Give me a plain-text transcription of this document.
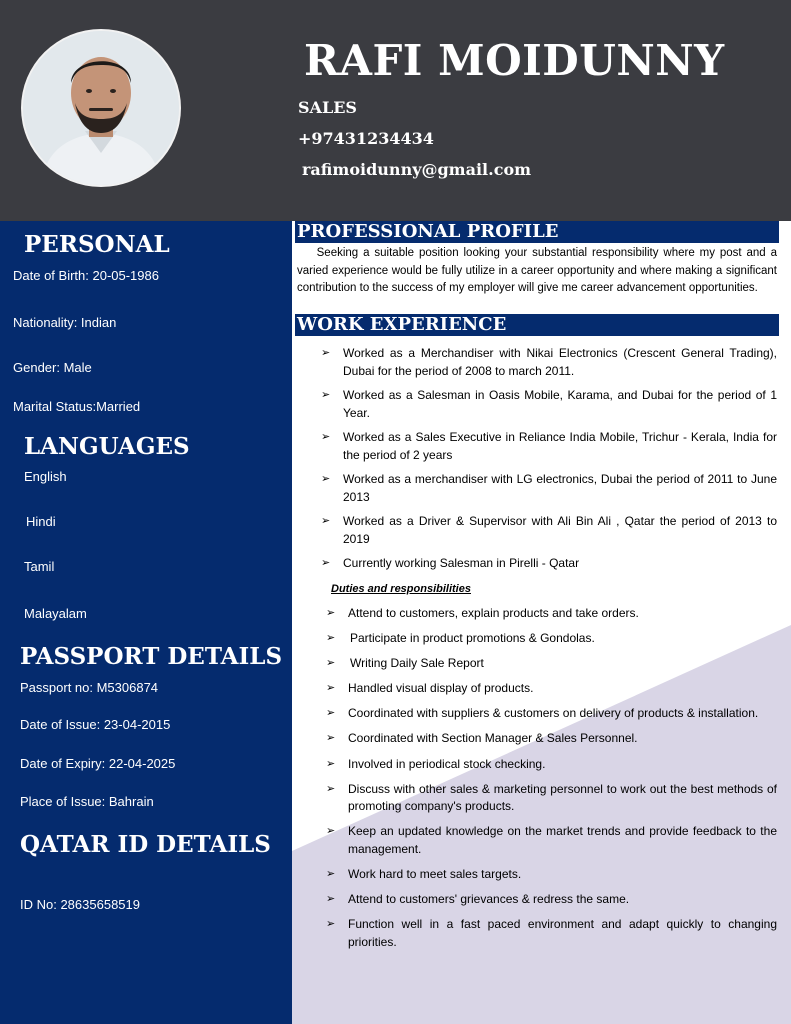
RAFI MOIDUNNY
SALES
+97431234434
rafimoidunny@gmail.com
PERSONAL
Date of Birth: 20-05-1986
Nationality: Indian
Gender: Male
Marital Status:Married
LANGUAGES
English
Hindi
Tamil
Malayalam
PASSPORT DETAILS
Passport no: M5306874
Date of Issue: 23-04-2015
Date of Expiry: 22-04-2025
Place of Issue: Bahrain
QATAR ID DETAILS
ID No: 28635658519
PROFESSIONAL PROFILE
Seeking a suitable position looking your substantial responsibility where my post and a varied experience would be fully utilize in a career opportunity and where making a significant contribution to the success of my employer will give me career advancement opportunities.
WORK EXPERIENCE
➢ Worked as a Merchandiser with Nikai Electronics (Crescent General Trading), Dubai for the period of 2008 to march 2011.
➢ Worked as a Salesman in Oasis Mobile, Karama, and Dubai for the period of 1 Year.
➢ Worked as a Sales Executive in Reliance India Mobile, Trichur - Kerala, India for the period of 2 years
➢ Worked as a merchandiser with LG electronics, Dubai the period of 2011 to June 2013
➢ Worked as a Driver & Supervisor with Ali Bin Ali , Qatar the period of 2013 to 2019
➢ Currently working Salesman in Pirelli - Qatar
Duties and responsibilities
➢ Attend to customers, explain products and take orders.
➢ Participate in product promotions & Gondolas.
➢ Writing Daily Sale Report
➢ Handled visual display of products.
➢ Coordinated with suppliers & customers on delivery of products & installation.
➢ Coordinated with Section Manager & Sales Personnel.
➢ Involved in periodical stock checking.
➢ Discuss with other sales & marketing personnel to work out the best methods of promoting company's products.
➢ Keep an updated knowledge on the market trends and provide feedback to the management.
➢ Work hard to meet sales targets.
➢ Attend to customers' grievances & redress the same.
➢ Function well in a fast paced environment and adapt quickly to changing priorities.
